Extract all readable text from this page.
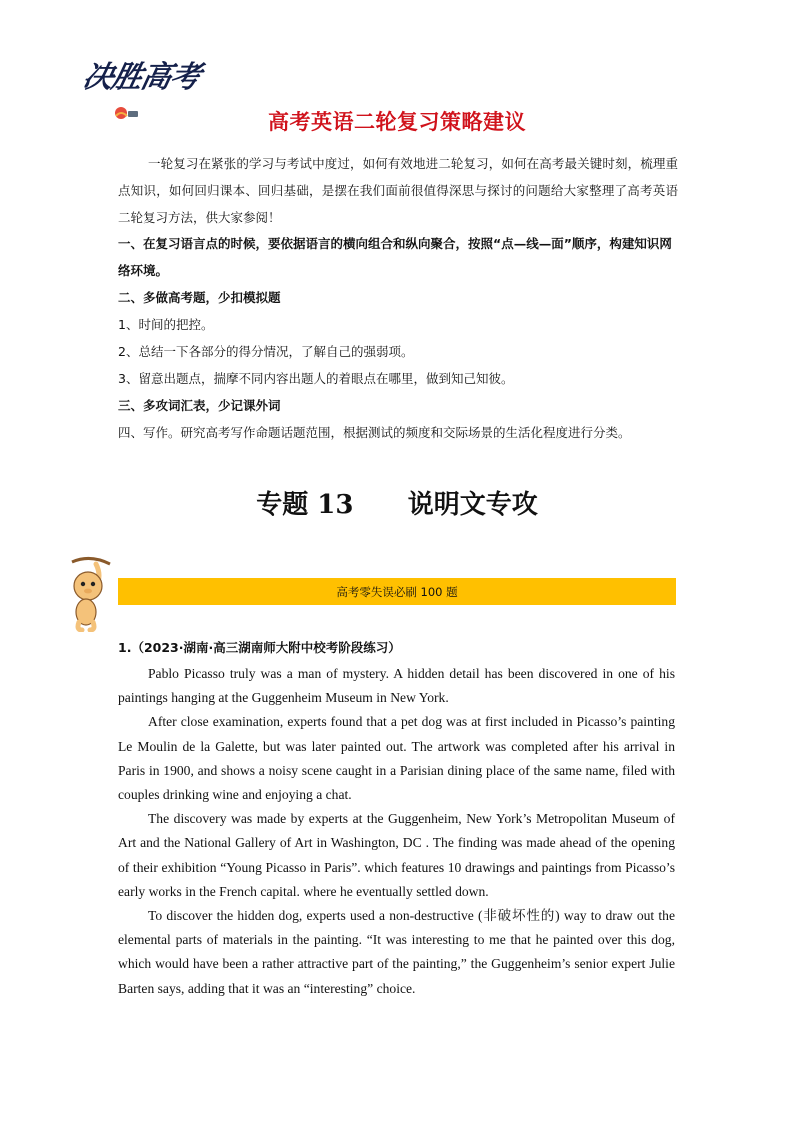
决胜高考
高考英语二轮复习策略建议

一轮复习在紧张的学习与考试中度过，如何有效地进二轮复习，如何在高考最关键时刻，梳理重点知识，如何回归课本、回归基础，是摆在我们面前很值得深思与探讨的问题给大家整理了高考英语二轮复习方法，供大家参阅！

一、在复习语言点的时候，要依据语言的横向组合和纵向聚合，按照“点—线—面”顺序，构建知识网络环境。
二、多做高考题，少扣模拟题
1、时间的把控。
2、总结一下各部分的得分情况，了解自己的强弱项。
3、留意出题点，揣摩不同内容出题人的着眼点在哪里，做到知己知彼。
三、多攻词汇表，少记课外词
四、写作。研究高考写作命题话题范围，根据测试的频度和交际场景的生活化程度进行分类。
专题 13      说明文专攻
高考零失误必刷 100 题

1.（2023·湖南·高三湖南师大附中校考阶段练习）

Pablo Picasso truly was a man of mystery. A hidden detail has been discovered in one of his paintings hanging at the Guggenheim Museum in New York.

After close examination, experts found that a pet dog was at first included in Picasso’s painting Le Moulin de la Galette, but was later painted out. The artwork was completed after his arrival in Paris in 1900, and shows a noisy scene caught in a Parisian dining place of the same name, filed with couples drinking wine and enjoying a chat.

The discovery was made by experts at the Guggenheim, New York’s Metropolitan Museum of Art and the National Gallery of Art in Washington, DC . The finding was made ahead of the opening of their exhibition “Young Picasso in Paris”. which features 10 drawings and paintings from Picasso’s early works in the French capital. where he eventually settled down.

To discover the hidden dog, experts used a non-destructive (非破坏性的) way to draw out the elemental parts of materials in the painting. “It was interesting to me that he painted over this dog, which would have been a rather attractive part of the painting,” the Guggenheim’s senior expert Julie Barten says, adding that it was an “interesting” choice.
